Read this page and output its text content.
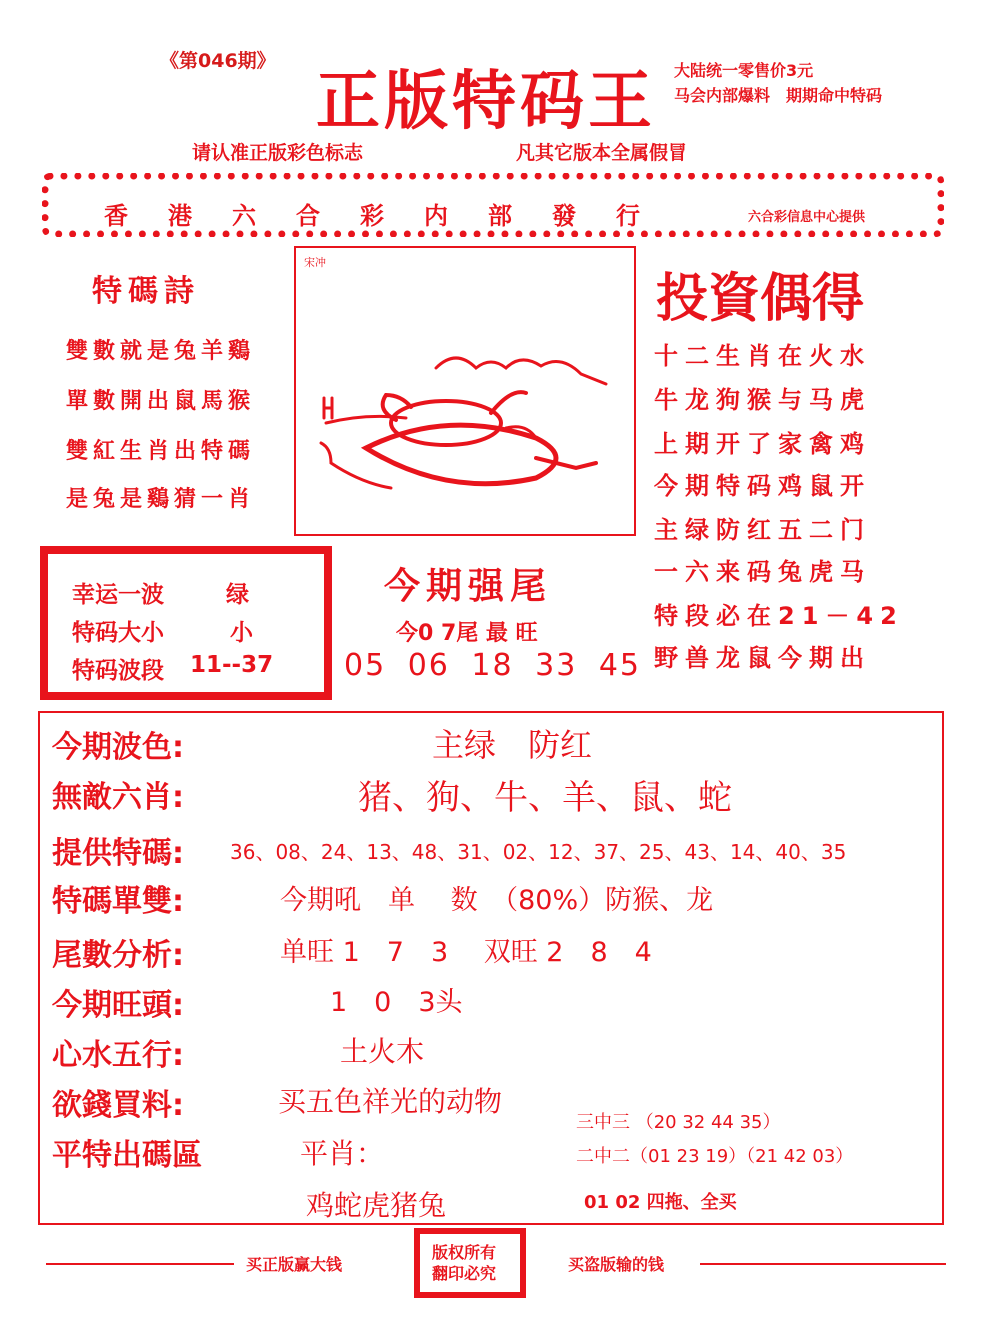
《第046期》
正版特码王 大陆统一零售价3元
马会内部爆料　期期命中特码
请认准正版彩色标志	凡其它版本全属假冒
香港六合彩内部發行	六合彩信息中心提供
特碼詩
雙數就是兔羊鷄
單數開出鼠馬猴
雙紅生肖出特碼
是兔是鷄猜一肖
宋冲
投資偶得
十二生肖在火水
牛龙狗猴与马虎
上期开了家禽鸡
今期特码鸡鼠开
主绿防红五二门
一六来码兔虎马
特段必在21－42
野兽龙鼠今期出
幸运一波	绿
特码大小	小
特码波段 11--37
今期强尾
今0 7尾 最 旺
05 06 18 33 45
今期波色:	主绿　防红
無敵六肖:	猪、狗、牛、羊、鼠、蛇
提供特碼: 36、08、24、13、48、31、02、12、37、25、43、14、40、35
特碼單雙:	今期吼　单　 数　（80%）防猴、龙
尾數分析:	单旺 1　7　3　 双旺 2　8　4
今期旺頭:	1　0　3头
心水五行:	土火木
欲錢買料:	买五色祥光的动物
平特出碼區	平肖：
鸡蛇虎猪兔
三中三 （20 32 44 35）
二中二（01 23 19）（21 42 03）
01 02 四拖、全买
买正版赢大钱
版权所有
翻印必究	买盗版输的钱
